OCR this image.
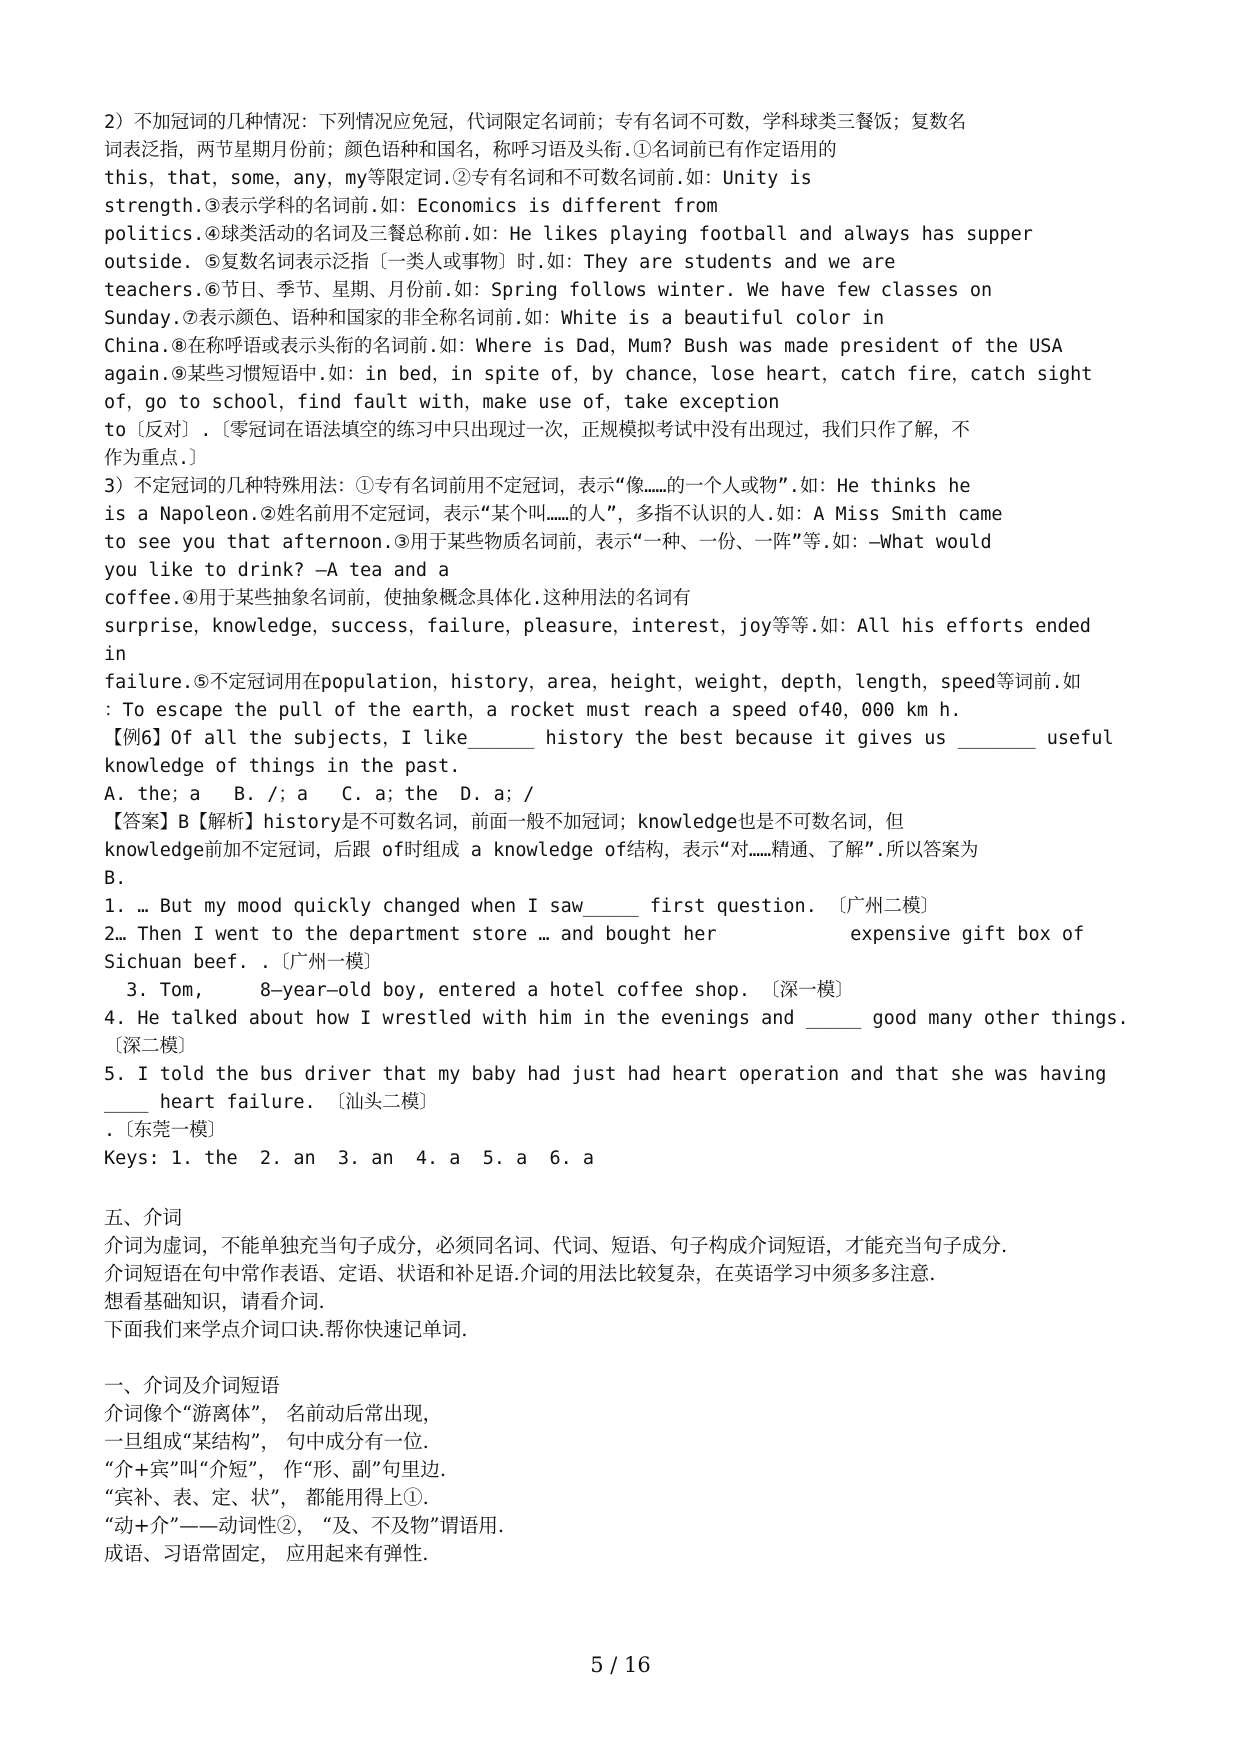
2）不加冠词的几种情况：下列情况应免冠，代词限定名词前；专有名词不可数，学科球类三餐饭；复数名
词表泛指，两节星期月份前；颜色语种和国名，称呼习语及头衔.①名词前已有作定语用的
this，that，some，any，my等限定词.②专有名词和不可数名词前.如：Unity is
strength.③表示学科的名词前.如：Economics is different from
politics.④球类活动的名词及三餐总称前.如：He likes playing football and always has supper
outside. ⑤复数名词表示泛指〔一类人或事物〕时.如：They are students and we are
teachers.⑥节日、季节、星期、月份前.如：Spring follows winter. We have few classes on
Sunday.⑦表示颜色、语种和国家的非全称名词前.如：White is a beautiful color in
China.⑧在称呼语或表示头衔的名词前.如：Where is Dad，Mum? Bush was made president of the USA
again.⑨某些习惯短语中.如：in bed，in spite of，by chance，lose heart，catch fire，catch sight
of，go to school，find fault with，make use of，take exception
to〔反对〕.〔零冠词在语法填空的练习中只出现过一次，正规模拟考试中没有出现过，我们只作了解，不
作为重点.〕
3）不定冠词的几种特殊用法：①专有名词前用不定冠词，表示“像……的一个人或物”.如：He thinks he
is a Napoleon.②姓名前用不定冠词，表示“某个叫……的人”，多指不认识的人.如：A Miss Smith came
to see you that afternoon.③用于某些物质名词前，表示“一种、一份、一阵”等.如：—What would
you like to drink? —A tea and a
coffee.④用于某些抽象名词前，使抽象概念具体化.这种用法的名词有
surprise，knowledge，success，failure，pleasure，interest，joy等等.如：All his efforts ended
in
failure.⑤不定冠词用在population，history，area，height，weight，depth，length，speed等词前.如
：To escape the pull of the earth，a rocket must reach a speed of40，000 km h.
【例6】Of all the subjects，I like______ history the best because it gives us _______ useful
knowledge of things in the past.
A. the；a   B. /；a   C. a；the  D. a；/
【答案】B【解析】history是不可数名词，前面一般不加冠词；knowledge也是不可数名词，但
knowledge前加不定冠词，后跟 of时组成 a knowledge of结构，表示“对……精通、了解”.所以答案为
B.
1. … But my mood quickly changed when I saw_____ first question. 〔广州二模〕
2… Then I went to the department store … and bought her            expensive gift box of
Sichuan beef. .〔广州一模〕
3. Tom,     8—year—old boy, entered a hotel coffee shop. 〔深一模〕
4. He talked about how I wrestled with him in the evenings and _____ good many other things.
〔深二模〕
5. I told the bus driver that my baby had just had heart operation and that she was having
____ heart failure. 〔汕头二模〕
.〔东莞一模〕
Keys: 1. the  2. an  3. an  4. a  5. a  6. a
五、介词
介词为虚词，不能单独充当句子成分，必须同名词、代词、短语、句子构成介词短语，才能充当句子成分.
介词短语在句中常作表语、定语、状语和补足语.介词的用法比较复杂，在英语学习中须多多注意.
想看基础知识，请看介词.
下面我们来学点介词口诀.帮你快速记单词.
一、介词及介词短语
介词像个“游离体”， 名前动后常出现，
一旦组成“某结构”， 句中成分有一位.
“介+宾”叫“介短”， 作“形、副”句里边.
“宾补、表、定、状”， 都能用得上①.
“动+介”——动词性②， “及、不及物”谓语用.
成语、习语常固定， 应用起来有弹性.
5 / 16
